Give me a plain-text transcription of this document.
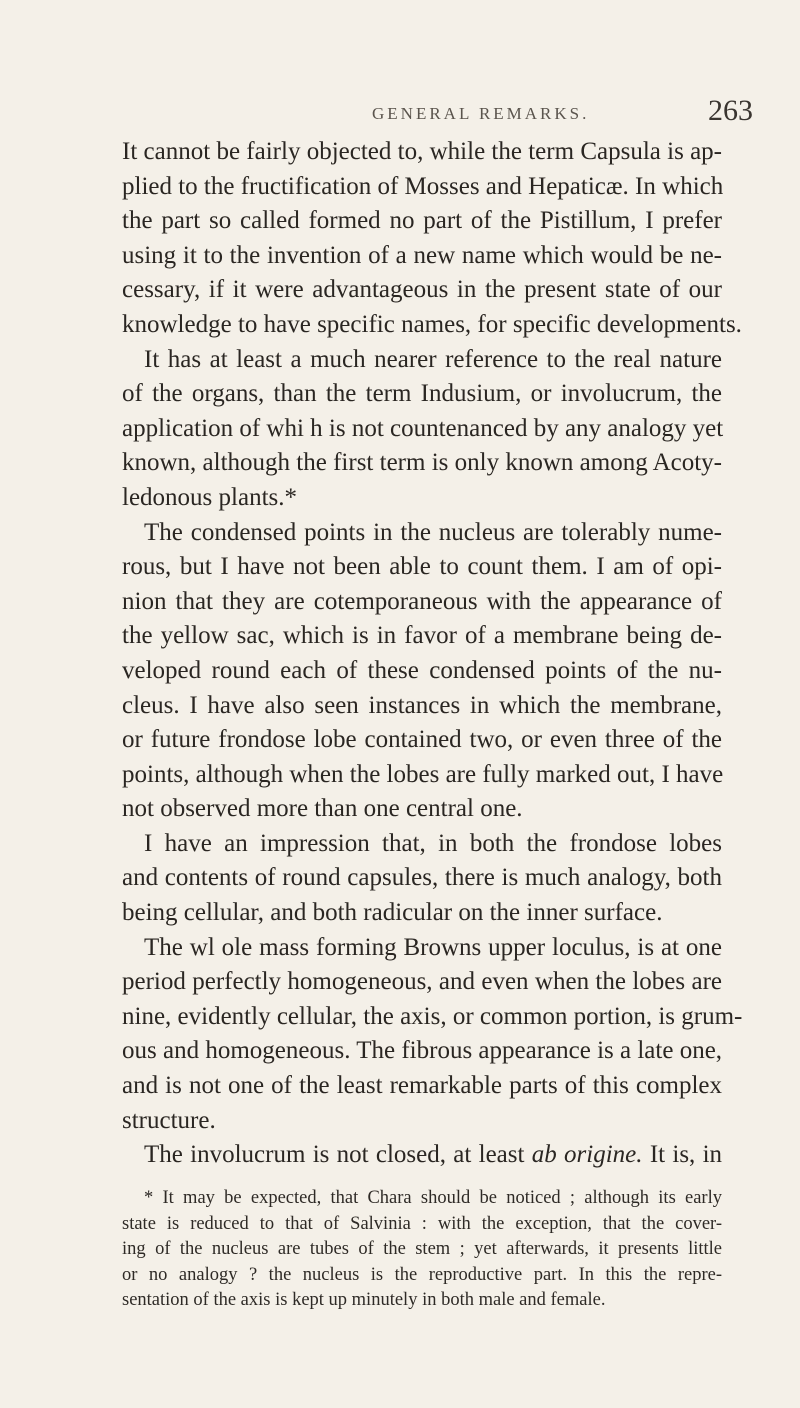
GENERAL REMARKS.	263
It cannot be fairly objected to, while the term Capsula is ap-
plied to the fructification of Mosses and Hepaticæ. In which
the part so called formed no part of the Pistillum, I prefer
using it to the invention of a new name which would be ne-
cessary, if it were advantageous in the present state of our
knowledge to have specific names, for specific developments.
It has at least a much nearer reference to the real nature
of the organs, than the term Indusium, or involucrum, the
application of whi h is not countenanced by any analogy yet
known, although the first term is only known among Acoty-
ledonous plants.*
The condensed points in the nucleus are tolerably nume-
rous, but I have not been able to count them. I am of opi-
nion that they are cotemporaneous with the appearance of
the yellow sac, which is in favor of a membrane being de-
veloped round each of these condensed points of the nu-
cleus. I have also seen instances in which the membrane,
or future frondose lobe contained two, or even three of the
points, although when the lobes are fully marked out, I have
not observed more than one central one.
I have an impression that, in both the frondose lobes
and contents of round capsules, there is much analogy, both
being cellular, and both radicular on the inner surface.
The wl ole mass forming Browns upper loculus, is at one
period perfectly homogeneous, and even when the lobes are
nine, evidently cellular, the axis, or common portion, is grum-
ous and homogeneous. The fibrous appearance is a late one,
and is not one of the least remarkable parts of this complex
structure.
The involucrum is not closed, at least ab origine. It is, in
* It may be expected, that Chara should be noticed ; although its early
state is reduced to that of Salvinia : with the exception, that the cover-
ing of the nucleus are tubes of the stem ; yet afterwards, it presents little
or no analogy ? the nucleus is the reproductive part. In this the repre-
sentation of the axis is kept up minutely in both male and female.
